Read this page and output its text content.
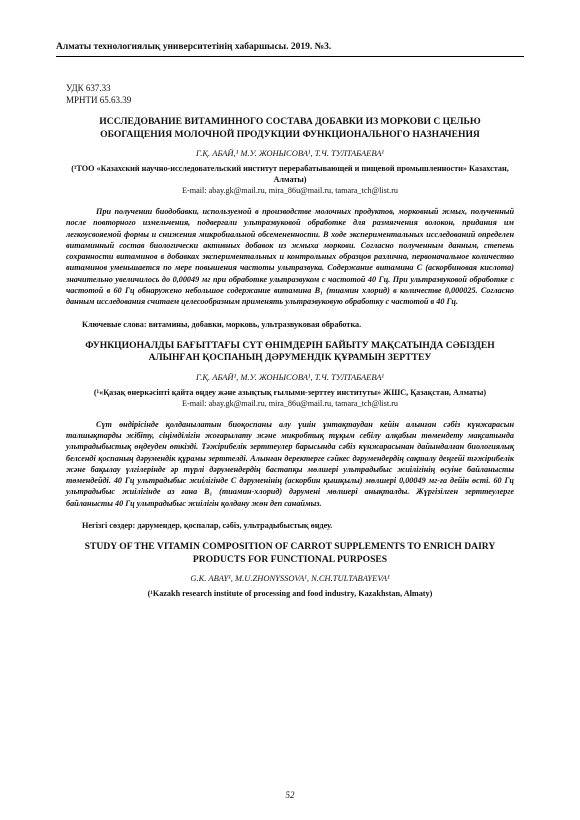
Алматы технологиялық университетінің хабаршысы. 2019. №3.
УДК 637.33
МРНТИ 65.63.39
ИССЛЕДОВАНИЕ ВИТАМИННОГО СОСТАВА ДОБАВКИ ИЗ МОРКОВИ С ЦЕЛЬЮ ОБОГАЩЕНИЯ МОЛОЧНОЙ ПРОДУКЦИИ ФУНКЦИОНАЛЬНОГО НАЗНАЧЕНИЯ
Г.Қ. АБАЙ,¹ М.У. ЖОНЫСОВА¹, Т.Ч. ТУЛТАБАЕВА¹
(¹ТОО «Казахский научно-исследовательский институт перерабатывающей и пищевой промышленности» Казахстан, Алматы)
E-mail: abay.gk@mail.ru, mira_86u@mail.ru, tamara_tch@list.ru
При получении биодобавки, используемой в производстве молочных продуктов, морковный жмых, полученный после повторного измельчения, подвергали ультразвуковой обработке для размягчения волокон, придания им легкоусвояемой формы и снижения микробиальной обсемененности. В ходе экспериментальных исследований определен витаминный состав биологически активных добавок из жмыха моркови. Согласно полученным данным, степень сохранности витаминов в добавках экспериментальных и контрольных образцов различна, первоначальное количество витаминов уменьшается по мере повышения частоты ультразвука. Содержание витамина С (аскорбиновая кислота) значительно увеличилось до 0,00049 мг при обработке ультразвуком с частотой 40 Гц. При ультразвуковой обработке с частотой в 60 Гц обнаружено небольшое содержание витамина В₁ (тиамин хлорид) в количестве 0,000025. Согласно данным исследования считаем целесообразным применять ультразвуковую обработку с частотой в 40 Гц.
Ключевые слова: витамины, добавки, морковь, ультразвуковая обработка.
ФУНКЦИОНАЛДЫ БАҒЫТТАҒЫ СҮТ ӨНІМДЕРІН БАЙЫТУ МАҚСАТЫНДА СӘБІЗДЕН АЛЫНҒАН ҚОСПАНЫҢ ДӘРУМЕНДІК ҚҰРАМЫН ЗЕРТТЕУ
Г.Қ. АБАЙ¹, М.У. ЖОНЫСОВА¹, Т.Ч. ТУЛТАБАЕВА¹
(¹«Қазақ өнеркәсіпті қайта өңдеу және азықтық ғылыми-зерттеу институты» ЖШС, Қазақстан, Алматы)
E-mail: abay.gk@mail.ru, mira_86u@mail.ru, tamara_tch@list.ru
Сүт өндірісінде қолданылатын биоқоспаны алу үшін ұнтақтаудан кейін алынған сәбіз күнжарасын талшықтарды жібіту, сіңімділігін жоғарылату және микробтық тұқым себілу алқабын төмендету мақсатында ультрадыбыстық өңдеуден өткізді. Тәжірибелік зерттеулер барысында сәбіз күнжарасынан дайындалған биологиялық белсенді қоспаның дәрумендік құрамы зерттелді. Алынған деректерге сәйкес дәрумендердің сақталу деңгейі тәжірибелік және бақылау үлгілерінде әр түрлі дәрумендердің бастапқы мөлшері ультрадыбыс жиілігінің өсуіне байланысты төмендейді. 40 Гц ультрадыбыс жиілігінде С дәруменінің (аскорбин қышқылы) мөлшері 0,00049 мг-ға дейін өсті. 60 Гц ультрадыбыс жиілігінде аз ғана В₁ (тиамин-хлорид) дәрумені мөлшері анықталды. Жүргізілген зерттеулерге байланысты 40 Гц ультрадыбыс жиілігін қолдану жөн деп санаймыз.
Негізгі сөздер: дәрумендер, қоспалар, сәбіз, ультрадыбыстық өңдеу.
STUDY OF THE VITAMIN COMPOSITION OF CARROT SUPPLEMENTS TO ENRICH DAIRY PRODUCTS FOR FUNCTIONAL PURPOSES
G.K. ABAY¹, M.U.ZHONYSSOVA¹, N.CH.TULTABAYEVA¹
(¹Kazakh research institute of processing and food industry, Kazakhstan, Almaty)
52
